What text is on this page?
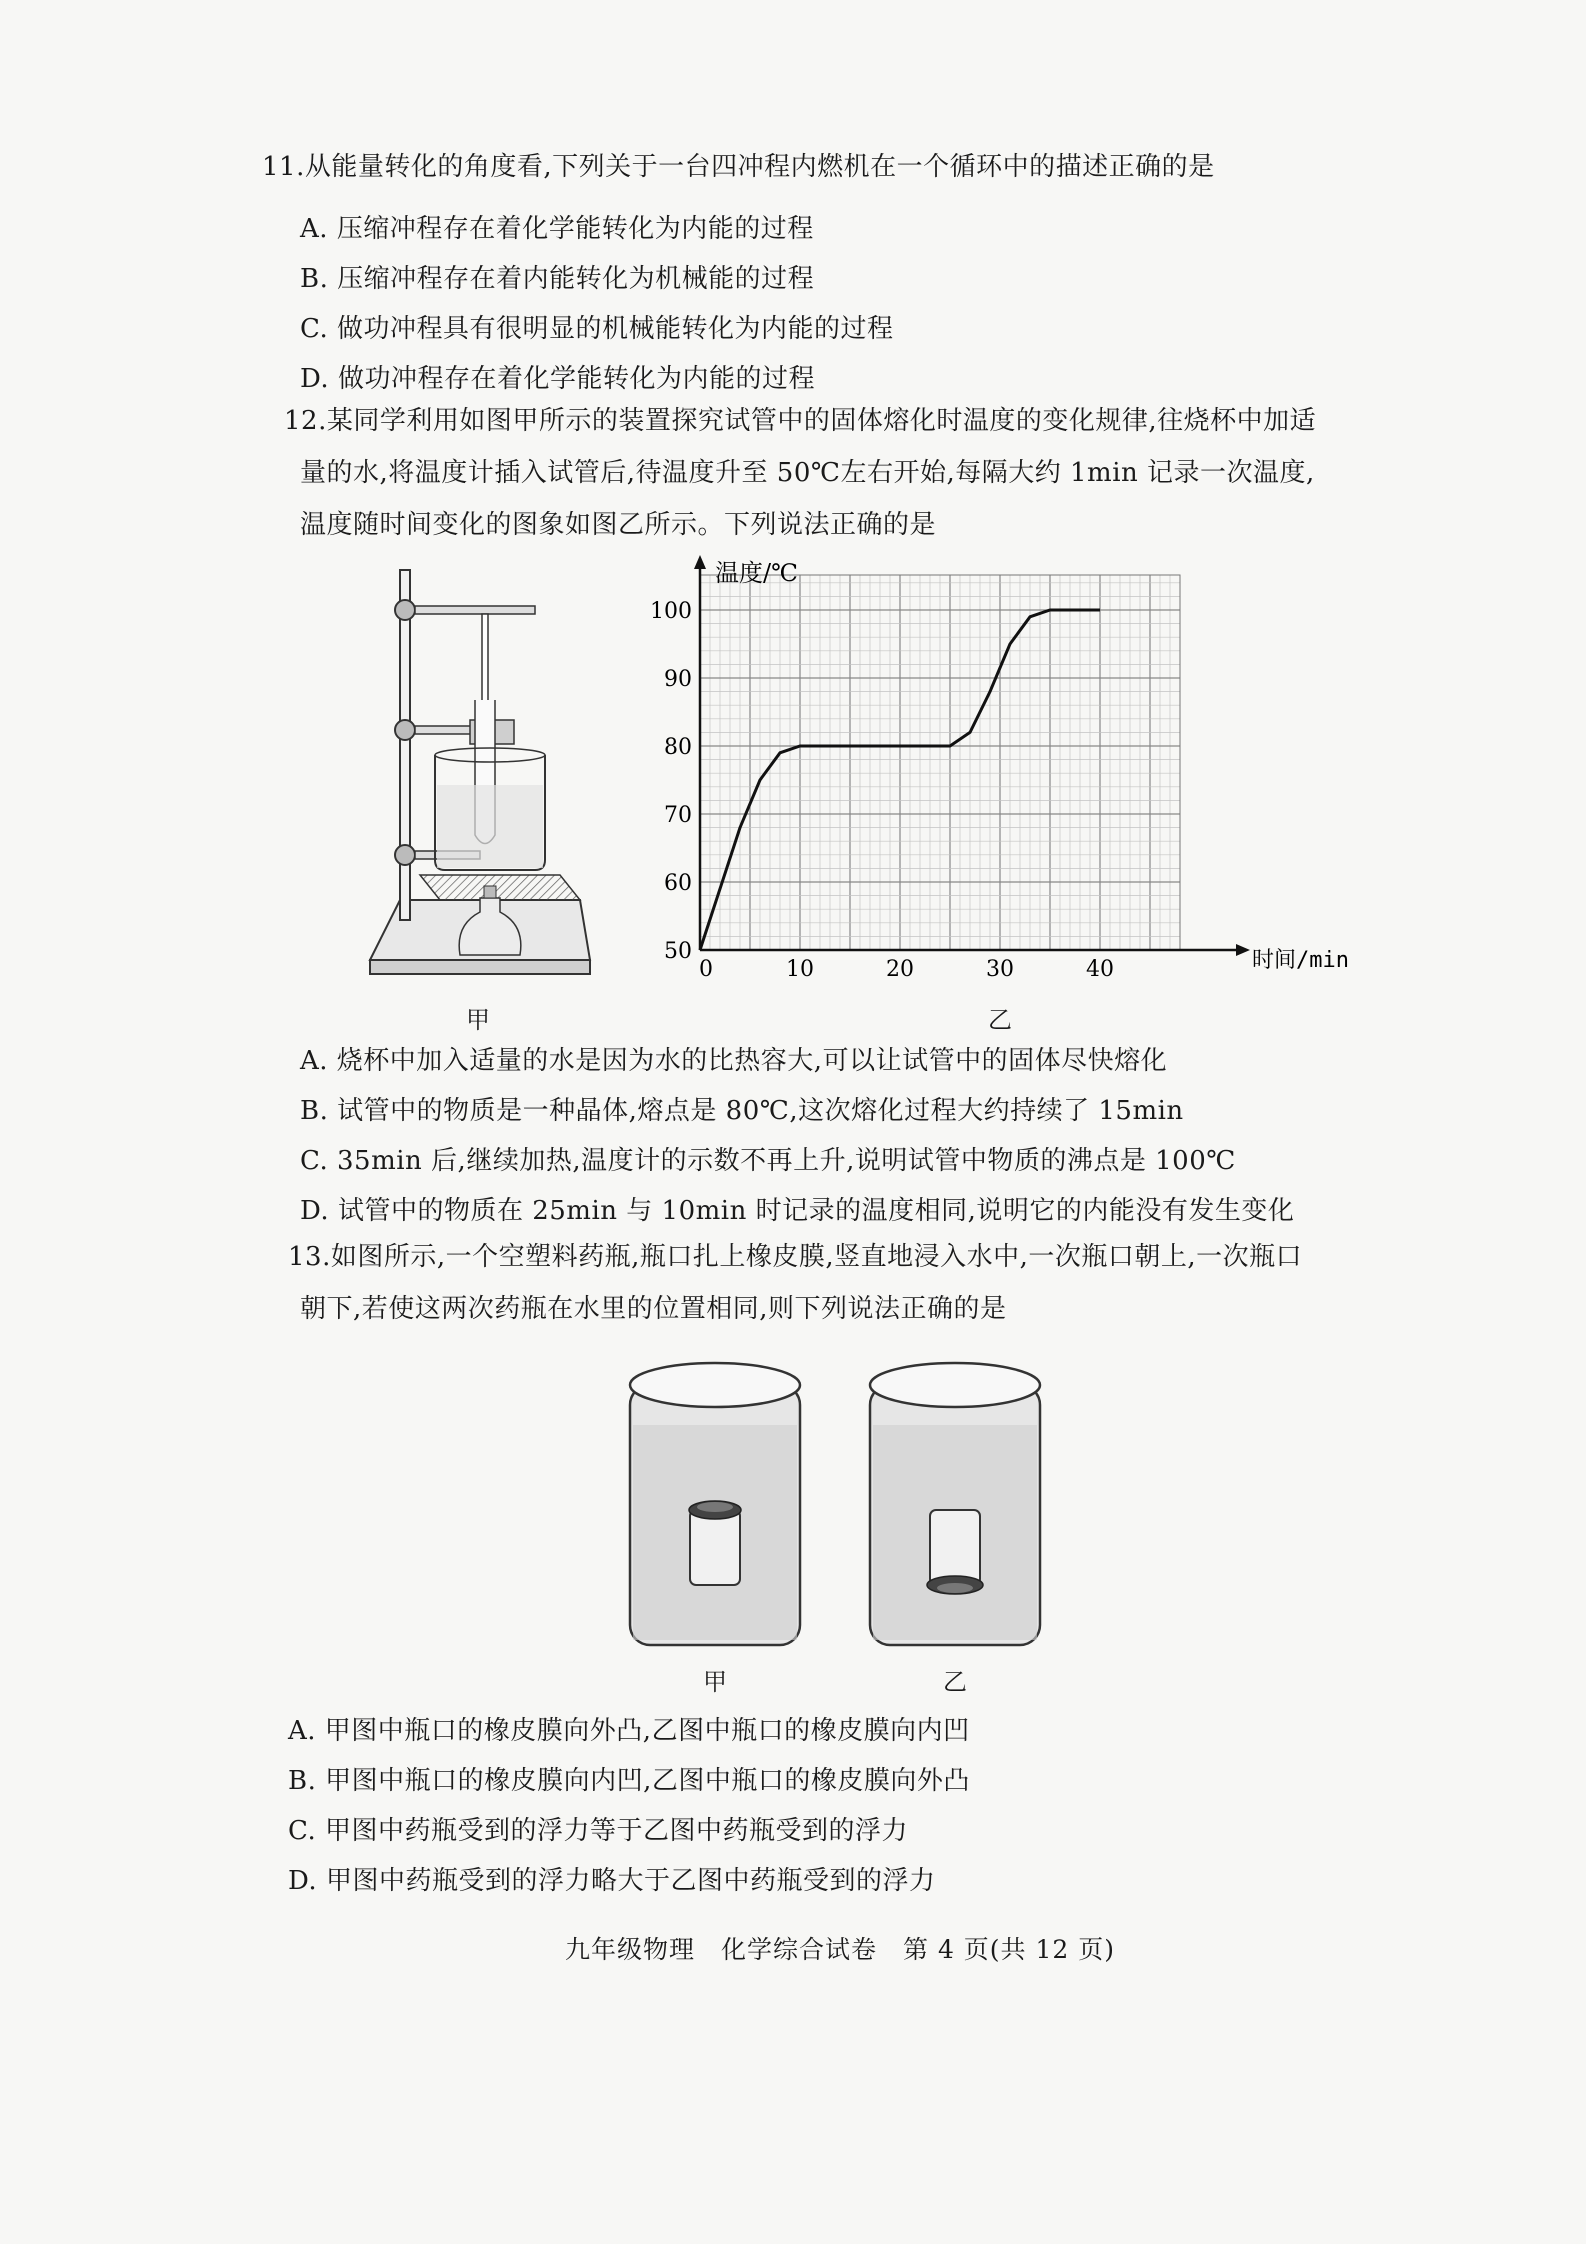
11.从能量转化的角度看,下列关于一台四冲程内燃机在一个循环中的描述正确的是
A. 压缩冲程存在着化学能转化为内能的过程
B. 压缩冲程存在着内能转化为机械能的过程
C. 做功冲程具有很明显的机械能转化为内能的过程
D. 做功冲程存在着化学能转化为内能的过程
12.某同学利用如图甲所示的装置探究试管中的固体熔化时温度的变化规律,往烧杯中加适
量的水,将温度计插入试管后,待温度升至 50℃左右开始,每隔大约 1min 记录一次温度,
温度随时间变化的图象如图乙所示。下列说法正确的是
甲
温度/℃
时间/min
0	10	20	30	40
50
60
70
80
90
100
乙
A. 烧杯中加入适量的水是因为水的比热容大,可以让试管中的固体尽快熔化
B. 试管中的物质是一种晶体,熔点是 80℃,这次熔化过程大约持续了 15min
C. 35min 后,继续加热,温度计的示数不再上升,说明试管中物质的沸点是 100℃
D. 试管中的物质在 25min 与 10min 时记录的温度相同,说明它的内能没有发生变化
13.如图所示,一个空塑料药瓶,瓶口扎上橡皮膜,竖直地浸入水中,一次瓶口朝上,一次瓶口
朝下,若使这两次药瓶在水里的位置相同,则下列说法正确的是
甲	乙
A. 甲图中瓶口的橡皮膜向外凸,乙图中瓶口的橡皮膜向内凹
B. 甲图中瓶口的橡皮膜向内凹,乙图中瓶口的橡皮膜向外凸
C. 甲图中药瓶受到的浮力等于乙图中药瓶受到的浮力
D. 甲图中药瓶受到的浮力略大于乙图中药瓶受到的浮力
九年级物理　化学综合试卷　第 4 页(共 12 页)
